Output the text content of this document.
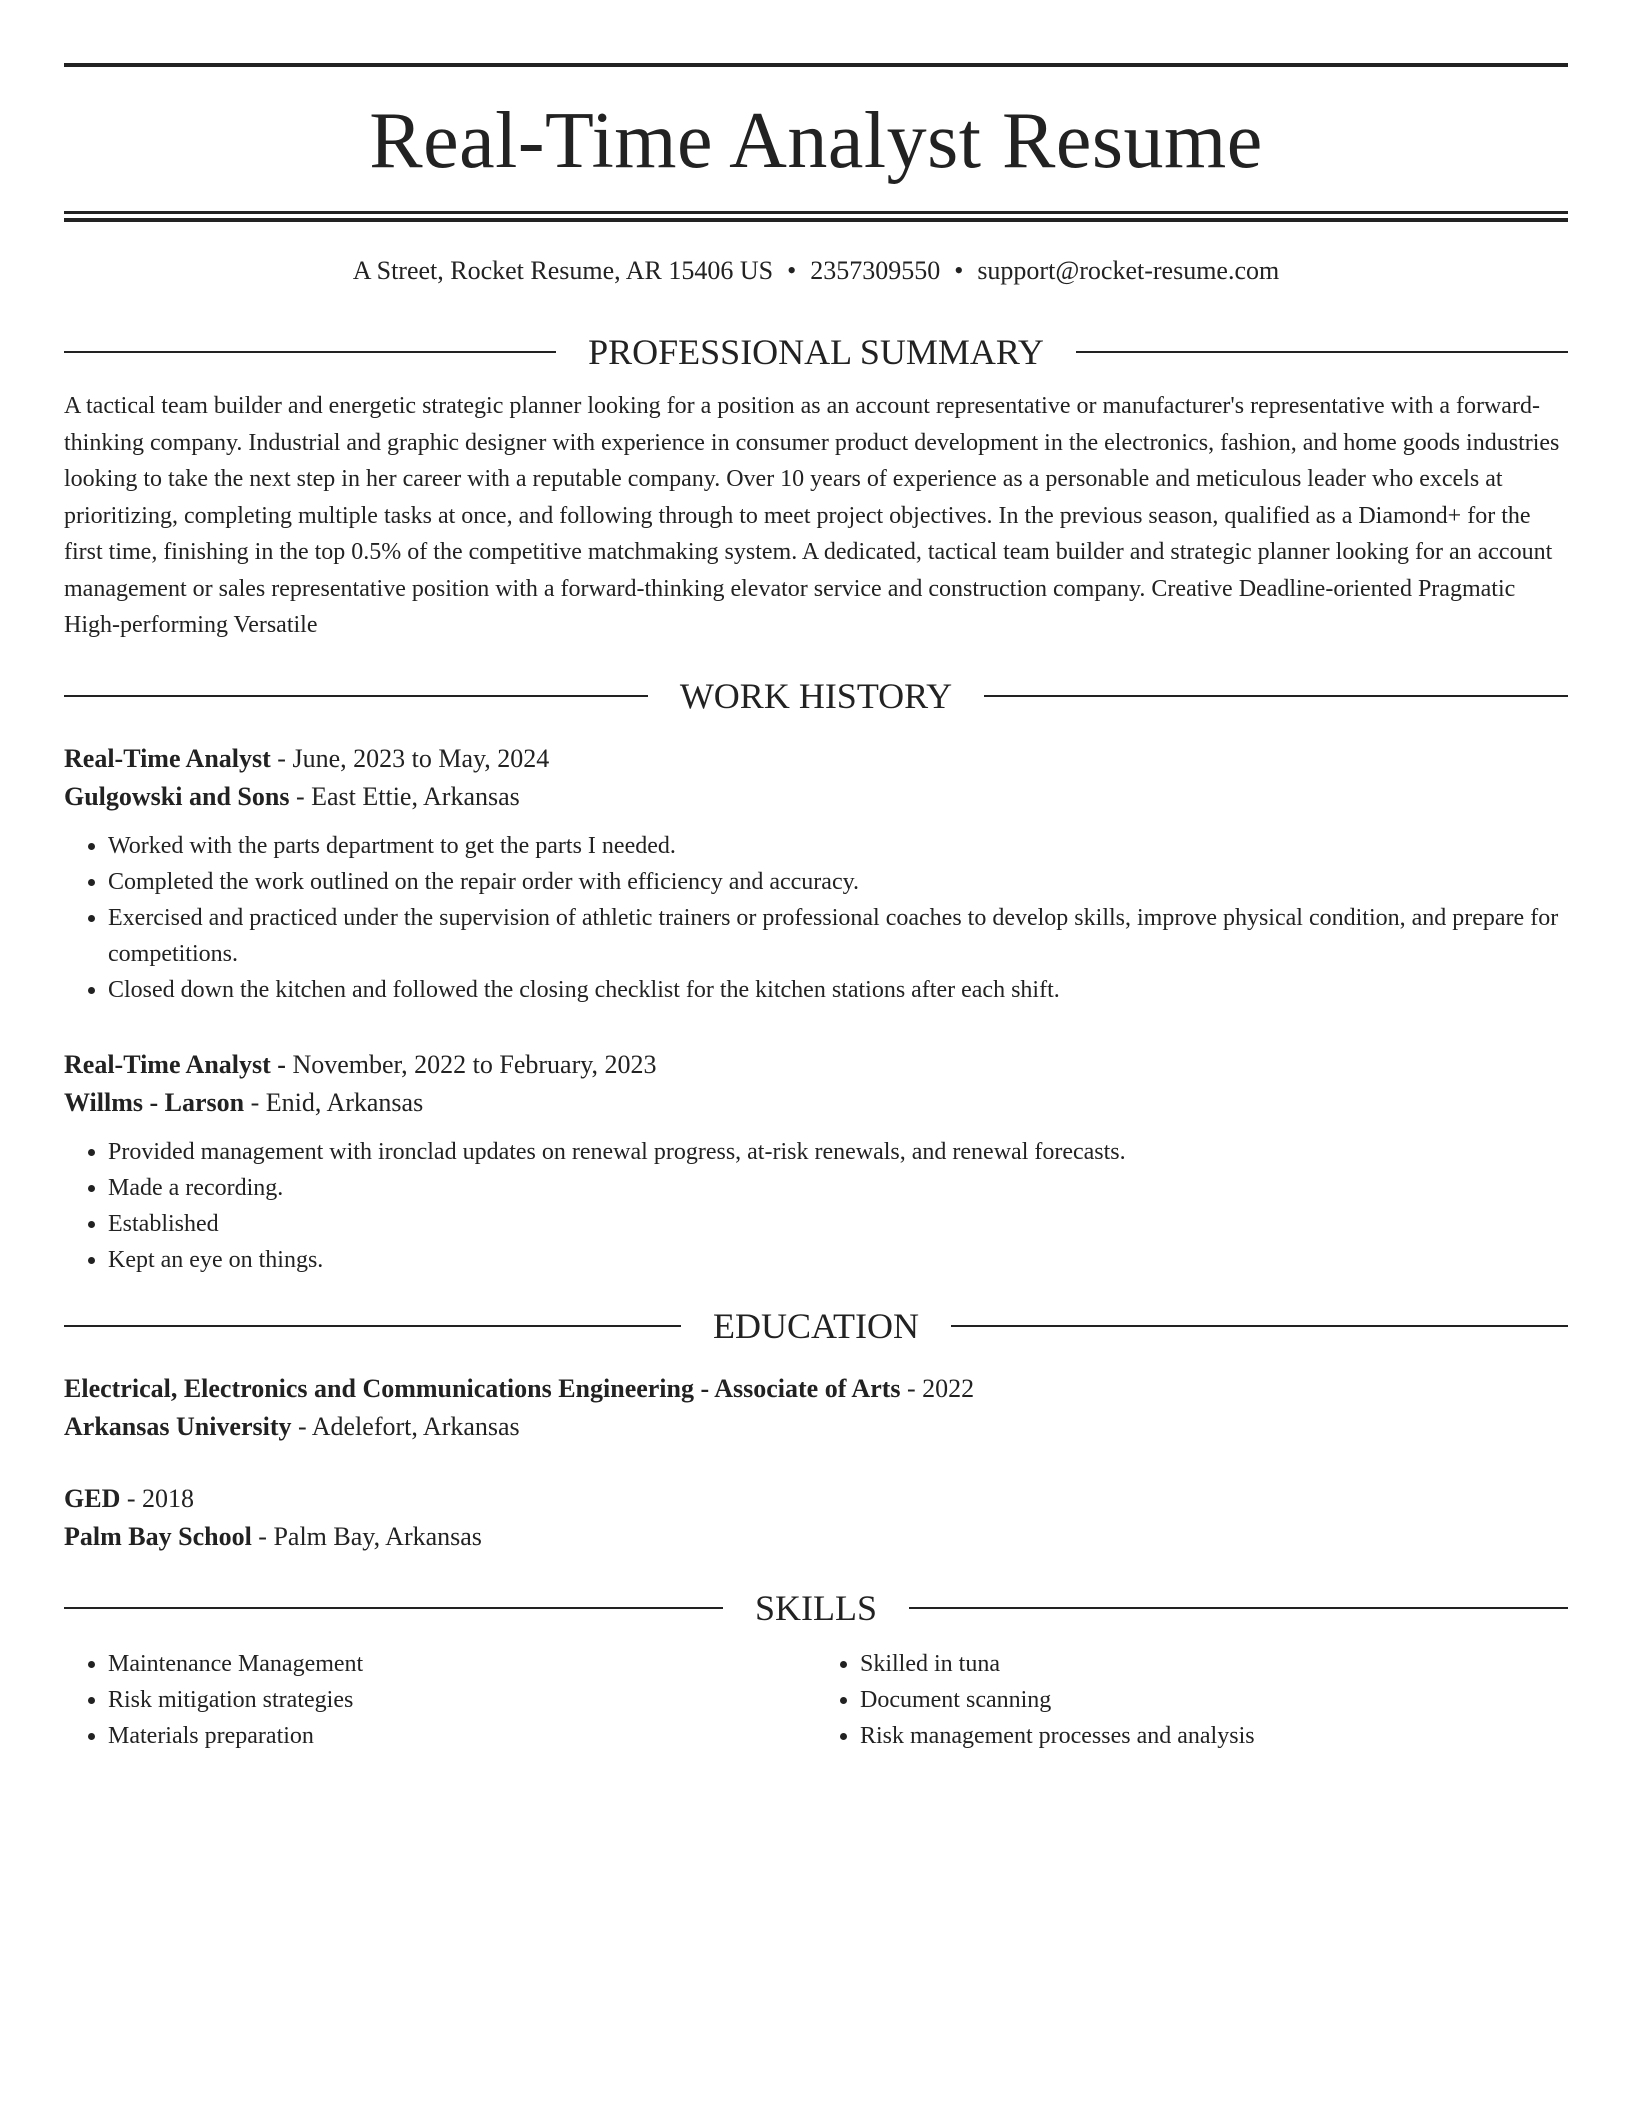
Real-Time Analyst Resume
A Street, Rocket Resume, AR 15406 US • 2357309550 • support@rocket-resume.com
PROFESSIONAL SUMMARY
A tactical team builder and energetic strategic planner looking for a position as an account representative or manufacturer's representative with a forward-thinking company. Industrial and graphic designer with experience in consumer product development in the electronics, fashion, and home goods industries looking to take the next step in her career with a reputable company. Over 10 years of experience as a personable and meticulous leader who excels at prioritizing, completing multiple tasks at once, and following through to meet project objectives. In the previous season, qualified as a Diamond+ for the first time, finishing in the top 0.5% of the competitive matchmaking system. A dedicated, tactical team builder and strategic planner looking for an account management or sales representative position with a forward-thinking elevator service and construction company. Creative Deadline-oriented Pragmatic High-performing Versatile
WORK HISTORY
Real-Time Analyst - June, 2023 to May, 2024
Gulgowski and Sons - East Ettie, Arkansas
• Worked with the parts department to get the parts I needed.
• Completed the work outlined on the repair order with efficiency and accuracy.
• Exercised and practiced under the supervision of athletic trainers or professional coaches to develop skills, improve physical condition, and prepare for competitions.
• Closed down the kitchen and followed the closing checklist for the kitchen stations after each shift.
Real-Time Analyst - November, 2022 to February, 2023
Willms - Larson - Enid, Arkansas
• Provided management with ironclad updates on renewal progress, at-risk renewals, and renewal forecasts.
• Made a recording.
• Established
• Kept an eye on things.
EDUCATION
Electrical, Electronics and Communications Engineering - Associate of Arts - 2022
Arkansas University - Adelefort, Arkansas
GED - 2018
Palm Bay School - Palm Bay, Arkansas
SKILLS
• Maintenance Management
• Risk mitigation strategies
• Materials preparation
• Skilled in tuna
• Document scanning
• Risk management processes and analysis
